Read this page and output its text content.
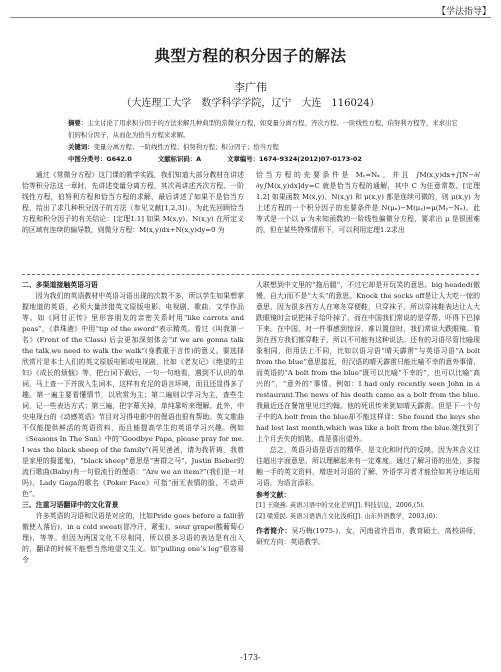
【学法指导】
典型方程的积分因子的解法
李广伟
（大连理工大学　数学科学学院，辽宁　大连　116024）
摘要：主文讨论了用求积分因子的方法来解几种典型的常微分方程，如变量分离方程、齐次方程、一阶线性方程、伯努利方程等，来求出它们的积分因子，从而化为恰当方程来求解。
关键词：变量分离方程；一阶线性方程；伯努利方程；积分因子；恰当方程
中图分类号：G642.0	文献标识码：A	文章编号：1674-9324(2012)07-0173-02

通过《常微分方程》这门课的教学实践，我们知道大部分教材在讲述恰等积分法这一章时，先讲述变量分离方程，其次再讲述齐次方程、一阶线性方程，伯努利方程和恰当方程的求解，最后讲述了如果不是恰当方程，给出了求几种积分因子的方法（参见文献[1,2,3]）。为此先回顾恰当方程和积分因子的有关结论：[定理1.1] 如果 M(x,y)、N(x,y) 在所定义的区域有连续的偏导数，则微分方程：M(x,y)dx+N(x,y)dy=0 为

恰当方程的充要条件是 Mᵧ=Nₓ，并且 ∫M(x,y)dx+∫[N−∂/∂y∫M(x,y)dx]dy=C 就是恰当方程的通解，其中 C 为任意常数。[定理1.2] 如果函数 M(x,y)、N(x,y) 和 μ(x,y) 都是连续可微的，则 μ(x,y) 为上述方程的一个积分因子的充要条件是 N(μₓ)−M(μᵧ)=μ(Mᵧ−Nₓ)。此等式是一个以 μ 为未知函数的一阶线性偏微分方程，要求出 μ 是很困难的，但在某些特殊情形下，可以利用定理1.2求出

二、多渠道接触英语习语

因为我们的英语教材中英语习语出现的次数不多，所以学生如果想掌握地道的英语，必须大量涉猎英文原版电影、电视剧、歌曲、文学作品等。如《阿甘正传》里形容朋友的亲密关系时用“like carrots and peas”，《恭珠港》中用“tip of the sword”表示精英。看过《叫我第一名》(Front of the Class) 后会更加深刻体会“if we are gonna talk the talk,we need to walk the walk”(身教重于言传)的意义。要选择欣赏片是本土人们的英文原版电影或电视剧，比如《老友记》《绝望的主妇》《成长的烦恼》等，把台词下载后，一句一句地看，遇到不认识的单词，马上查一下并放入生词本，这样有充足的语言环境，而且还显得多了趣。第一遍主要看懂情节，以欣赏为主；第二遍则以学习为主，查些生词，记一些表达方式；第三遍，把字幕关掉，单纯靠听来理解。此外，中央电视台的《动感英语》节目对习得电影中的俚语也很有帮助。英文歌曲不仅能提供鲜活的英语资料，而且能提高学生的英语学习兴趣。例如《Seasons In The Sun》中的“Goodbye Papa, please pray for me. I was the black sheep of the family”(再见爸爸，请为我祈祷，我曾是家里的捣蛋鬼)，“black sheep”意思是“害群之马”。Justin Bieber的流行歌曲(Baby)有一句很流行的俚语：“Are we an item?”(我们是一对吗)，Lady Gaga的歌名《Poker Face》可指“面无表情的脸，不动声色”。

三、注重习语翻译中的文化背景

许多英语的习语和汉语是对应的，比如Pride goes before a fall(骄傲使人落后)，in a cold sweat(冒冷汗，紧张)，sour grape(酸葡萄心理)，等等。但因为两国文化不尽相同，所以很多习语的表达是有出入的，翻译的时候不能想当然地望文生义。如“pulling one’s leg”很容易令

人联想到中文里的“拖后腿”，不过它却是开玩笑的意思。big headed(傲慢，自大)而不是“大头”的意思。Knock the socks off是让人大吃一惊的意思，因为很多西方人在寒冬穿便鞋，只穿袜子，所以穿袜鞋表达让人大跌眼镜时会说把袜子给吓掉了。而在中国我们常说的是穿帮、吓得下巴掉下来。在中国，对一件事感到惊讶、难以置信时，我们常说大跌眼镜。看到在西方我们都穿鞋子，所以不可能有这种说法。还有的习语尽管比喻现象相同，但用法上不同，比如以语习语“晴天霹雳”与英语习语“A bolt from the blue”意思接近，但汉语的晴天霹雳只能比喻不幸的意外事情，而英语的“A bolt from the blue”既可以比喻“不幸的”，也可以比喻“高兴的”，“意外的”事情。例如：I had only recently seen John in a restaurant.The news of his death came as a bolt from the blue.我最近还在餐馆里见过约翰。他的死讯传来犹如晴天霹雳。但是下一个句子中的A bolt from the blue却不能这样译：She found the keys she had lost last month,which was like a bolt from the blue.她找到了上个月丢失的钥匙，真是喜出望外。

总之，英语习语是语言的精华，是文化和时代的反映，因为其含义往往超出字面意思，所以理解起来有一定难度。通过了解习语的出处，多接触一手的英文资料，增进对习语的了解，外语学习者才能恰如其分地运用习语，为语言添彩。

参考文献：
[1] 王晓燕. 英语习语中的文化差异[J]. 科技信息，2006,(5).
[2] 梁爱民. 英语习语语言文化浅析[J]. 山东外语教学，2003,(6).
作者简介：吴巧梅(1975-)，女，河南省许昌市，教育硕士，高校讲师，研究方向：英语教学。
-173-
